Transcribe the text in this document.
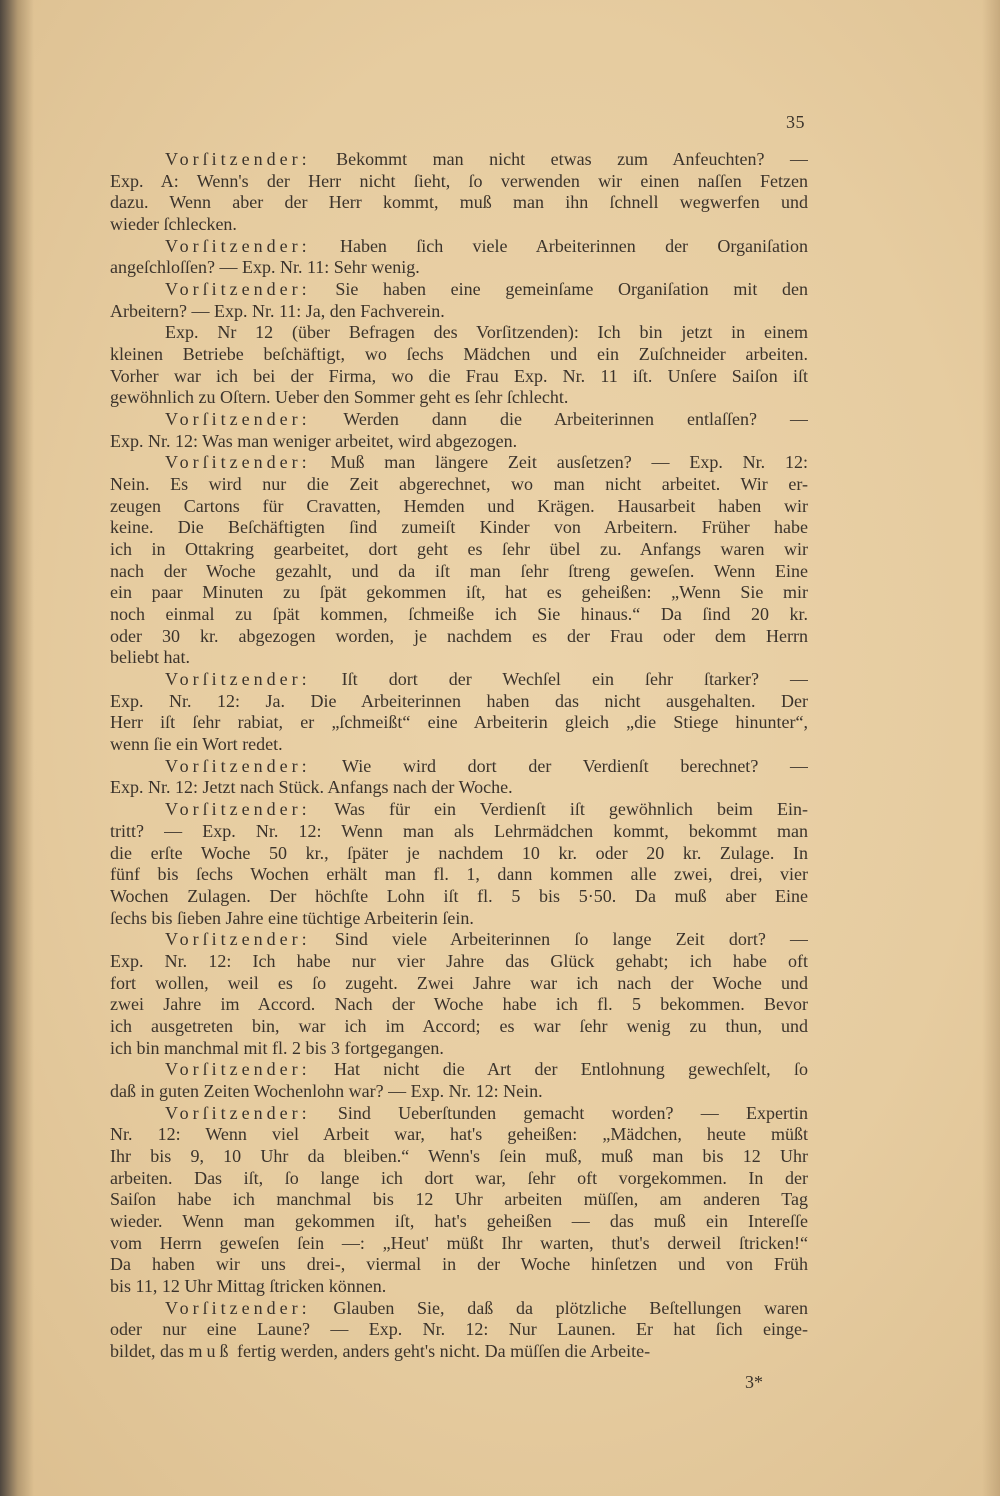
35
Vorſitzender: Bekommt man nicht etwas zum Anfeuchten? —
Exp. A: Wenn's der Herr nicht ſieht, ſo verwenden wir einen naſſen Fetzen
dazu. Wenn aber der Herr kommt, muß man ihn ſchnell wegwerfen und
wieder ſchlecken.
Vorſitzender: Haben ſich viele Arbeiterinnen der Organiſation
angeſchloſſen? — Exp. Nr. 11: Sehr wenig.
Vorſitzender: Sie haben eine gemeinſame Organiſation mit den
Arbeitern? — Exp. Nr. 11: Ja, den Fachverein.
Exp. Nr 12 (über Befragen des Vorſitzenden): Ich bin jetzt in einem
kleinen Betriebe beſchäftigt, wo ſechs Mädchen und ein Zuſchneider arbeiten.
Vorher war ich bei der Firma, wo die Frau Exp. Nr. 11 iſt. Unſere Saiſon iſt
gewöhnlich zu Oſtern. Ueber den Sommer geht es ſehr ſchlecht.
Vorſitzender: Werden dann die Arbeiterinnen entlaſſen? —
Exp. Nr. 12: Was man weniger arbeitet, wird abgezogen.
Vorſitzender: Muß man längere Zeit ausſetzen? — Exp. Nr. 12:
Nein. Es wird nur die Zeit abgerechnet, wo man nicht arbeitet. Wir er-
zeugen Cartons für Cravatten, Hemden und Krägen. Hausarbeit haben wir
keine. Die Beſchäftigten ſind zumeiſt Kinder von Arbeitern. Früher habe
ich in Ottakring gearbeitet, dort geht es ſehr übel zu. Anfangs waren wir
nach der Woche gezahlt, und da iſt man ſehr ſtreng geweſen. Wenn Eine
ein paar Minuten zu ſpät gekommen iſt, hat es geheißen: „Wenn Sie mir
noch einmal zu ſpät kommen, ſchmeiße ich Sie hinaus.“ Da ſind 20 kr.
oder 30 kr. abgezogen worden, je nachdem es der Frau oder dem Herrn
beliebt hat.
Vorſitzender: Iſt dort der Wechſel ein ſehr ſtarker? —
Exp. Nr. 12: Ja. Die Arbeiterinnen haben das nicht ausgehalten. Der
Herr iſt ſehr rabiat, er „ſchmeißt“ eine Arbeiterin gleich „die Stiege hinunter“,
wenn ſie ein Wort redet.
Vorſitzender: Wie wird dort der Verdienſt berechnet? —
Exp. Nr. 12: Jetzt nach Stück. Anfangs nach der Woche.
Vorſitzender: Was für ein Verdienſt iſt gewöhnlich beim Ein-
tritt? — Exp. Nr. 12: Wenn man als Lehrmädchen kommt, bekommt man
die erſte Woche 50 kr., ſpäter je nachdem 10 kr. oder 20 kr. Zulage. In
fünf bis ſechs Wochen erhält man fl. 1, dann kommen alle zwei, drei, vier
Wochen Zulagen. Der höchſte Lohn iſt fl. 5 bis 5·50. Da muß aber Eine
ſechs bis ſieben Jahre eine tüchtige Arbeiterin ſein.
Vorſitzender: Sind viele Arbeiterinnen ſo lange Zeit dort? —
Exp. Nr. 12: Ich habe nur vier Jahre das Glück gehabt; ich habe oft
fort wollen, weil es ſo zugeht. Zwei Jahre war ich nach der Woche und
zwei Jahre im Accord. Nach der Woche habe ich fl. 5 bekommen. Bevor
ich ausgetreten bin, war ich im Accord; es war ſehr wenig zu thun, und
ich bin manchmal mit fl. 2 bis 3 fortgegangen.
Vorſitzender: Hat nicht die Art der Entlohnung gewechſelt, ſo
daß in guten Zeiten Wochenlohn war? — Exp. Nr. 12: Nein.
Vorſitzender: Sind Ueberſtunden gemacht worden? — Expertin
Nr. 12: Wenn viel Arbeit war, hat's geheißen: „Mädchen, heute müßt
Ihr bis 9, 10 Uhr da bleiben.“ Wenn's ſein muß, muß man bis 12 Uhr
arbeiten. Das iſt, ſo lange ich dort war, ſehr oft vorgekommen. In der
Saiſon habe ich manchmal bis 12 Uhr arbeiten müſſen, am anderen Tag
wieder. Wenn man gekommen iſt, hat's geheißen — das muß ein Intereſſe
vom Herrn geweſen ſein —: „Heut' müßt Ihr warten, thut's derweil ſtricken!“
Da haben wir uns drei-, viermal in der Woche hinſetzen und von Früh
bis 11, 12 Uhr Mittag ſtricken können.
Vorſitzender: Glauben Sie, daß da plötzliche Beſtellungen waren
oder nur eine Laune? — Exp. Nr. 12: Nur Launen. Er hat ſich einge-
bildet, das muß fertig werden, anders geht's nicht. Da müſſen die Arbeite-
3*
